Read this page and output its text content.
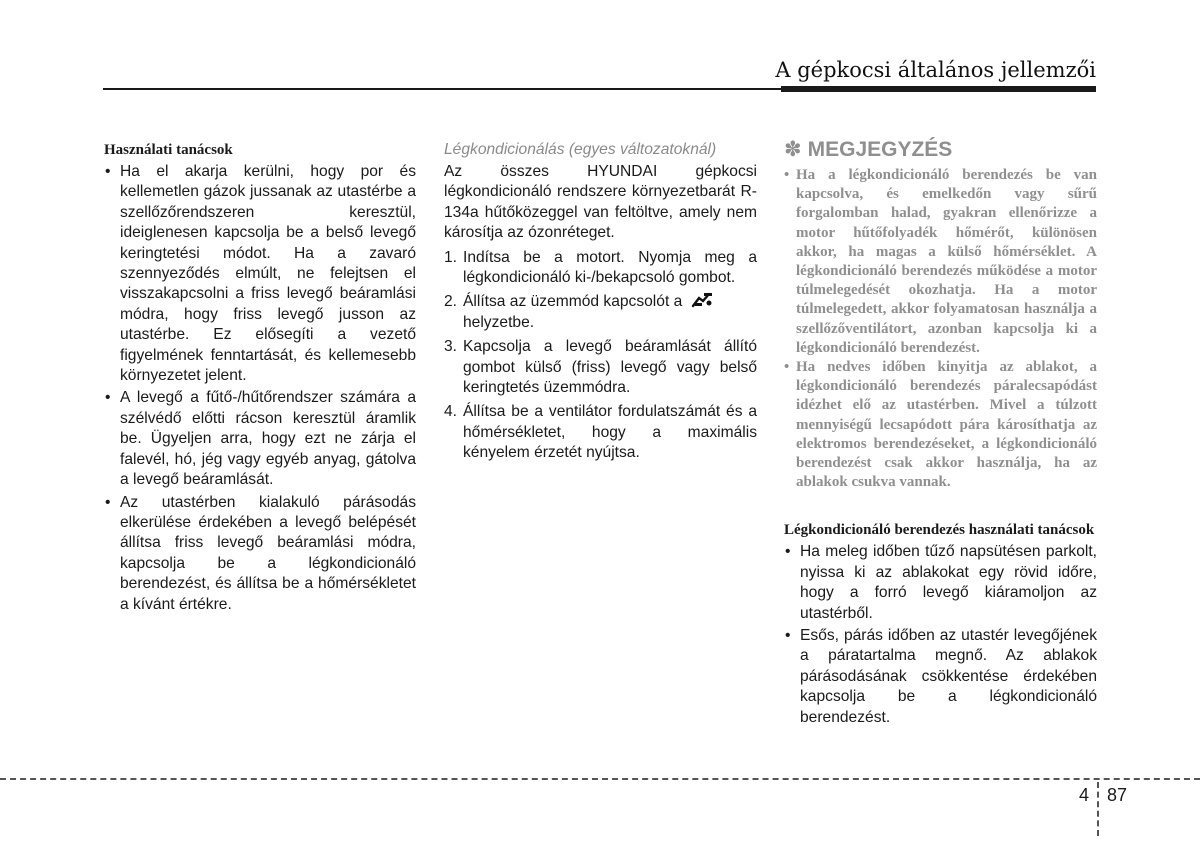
A gépkocsi általános jellemzői
Használati tanácsok
• Ha el akarja kerülni, hogy por és kellemetlen gázok jussanak az utastérbe a szellőzőrendszeren keresztül, ideiglenesen kapcsolja be a belső levegő keringtetési módot. Ha a zavaró szennyeződés elmúlt, ne felejtsen el visszakapcsolni a friss levegő beáramlási módra, hogy friss levegő jusson az utastérbe. Ez elősegíti a vezető figyelmének fenntartását, és kellemesebb környezetet jelent.
• A levegő a fűtő-/hűtőrendszer számára a szélvédő előtti rácson keresztül áramlik be. Ügyeljen arra, hogy ezt ne zárja el falevél, hó, jég vagy egyéb anyag, gátolva a levegő beáramlását.
• Az utastérben kialakuló párásodás elkerülése érdekében a levegő belépését állítsa friss levegő beáramlási módra, kapcsolja be a légkondicionáló berendezést, és állítsa be a hőmérsékletet a kívánt értékre.
Légkondicionálás (egyes változatoknál)

Az összes HYUNDAI gépkocsi légkondicionáló rendszere környezetbarát R-134a hűtőközeggel van feltöltve, amely nem károsítja az ózonréteget.

1. Indítsa be a motort. Nyomja meg a légkondicionáló ki-/bekapcsoló gombot.
2. Állítsa az üzemmód kapcsolót a
helyzetbe.
3. Kapcsolja a levegő beáramlását állító gombot külső (friss) levegő vagy belső keringtetés üzemmódra.
4. Állítsa be a ventilátor fordulatszámát és a hőmérsékletet, hogy a maximális kényelem érzetét nyújtsa.
✽ MEGJEGYZÉS
• Ha a légkondicionáló berendezés be van kapcsolva, és emelkedőn vagy sűrű forgalomban halad, gyakran ellenőrizze a motor hűtőfolyadék hőmérőt, különösen akkor, ha magas a külső hőmérséklet. A légkondicionáló berendezés működése a motor túlmelegedését okozhatja. Ha a motor túlmelegedett, akkor folyamatosan használja a szellőzőventilátort, azonban kapcsolja ki a légkondicionáló berendezést.
• Ha nedves időben kinyitja az ablakot, a légkondicionáló berendezés páralecsapódást idézhet elő az utastérben. Mivel a túlzott mennyiségű lecsapódott pára károsíthatja az elektromos berendezéseket, a légkondicionáló berendezést csak akkor használja, ha az ablakok csukva vannak.
Légkondicionáló berendezés használati tanácsok
• Ha meleg időben tűző napsütésen parkolt, nyissa ki az ablakokat egy rövid időre, hogy a forró levegő kiáramoljon az utastérből.
• Esős, párás időben az utastér levegőjének a páratartalma megnő. Az ablakok párásodásának csökkentése érdekében kapcsolja be a légkondicionáló berendezést.
4 87
